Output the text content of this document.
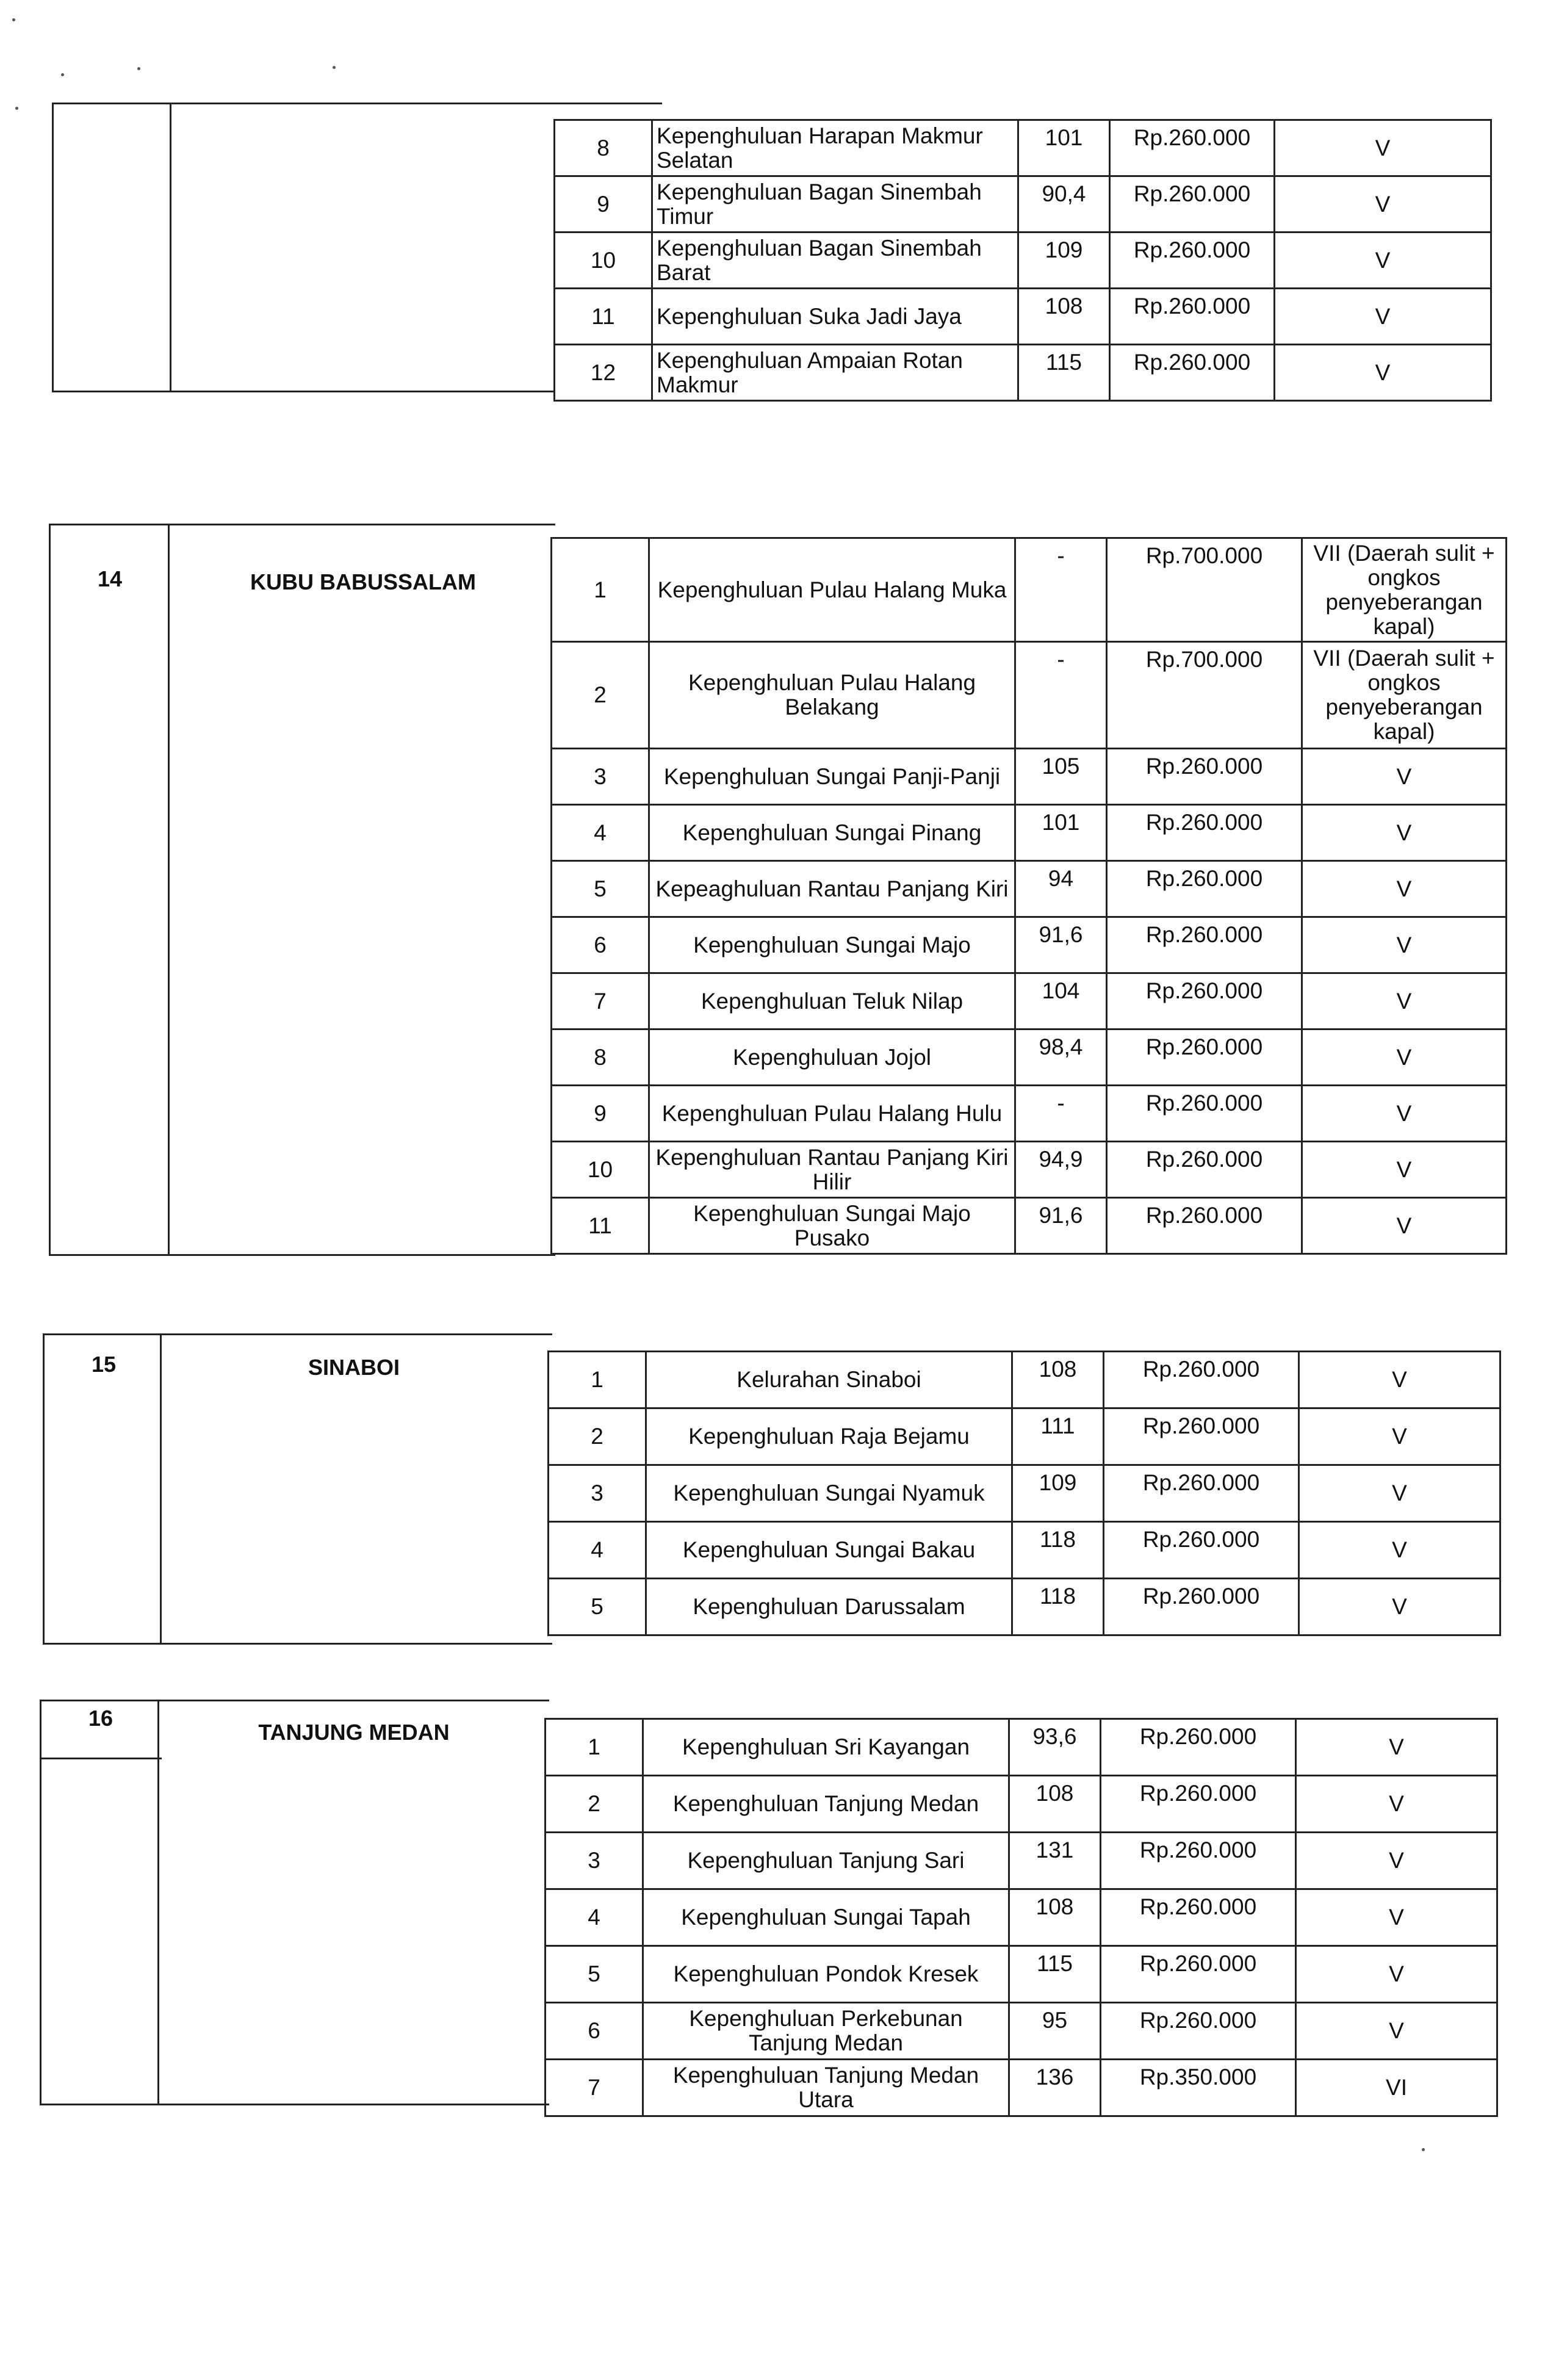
8	Kepenghuluan Harapan Makmur Selatan	101	Rp.260.000	V
9	Kepenghuluan Bagan Sinembah Timur	90,4	Rp.260.000	V
10	Kepenghuluan Bagan Sinembah Barat	109	Rp.260.000	V
11	Kepenghuluan Suka Jadi Jaya	108	Rp.260.000	V
12	Kepenghuluan Ampaian Rotan Makmur	115	Rp.260.000	V
14	KUBU BABUSSALAM	1	Kepenghuluan Pulau Halang Muka	-	Rp.700.000	VII (Daerah sulit + ongkos penyeberangan kapal)
2	Kepenghuluan Pulau Halang Belakang	-	Rp.700.000	VII (Daerah sulit + ongkos penyeberangan kapal)
3	Kepenghuluan Sungai Panji-Panji	105	Rp.260.000	V
4	Kepenghuluan Sungai Pinang	101	Rp.260.000	V
5	Kepeaghuluan Rantau Panjang Kiri	94	Rp.260.000	V
6	Kepenghuluan Sungai Majo	91,6	Rp.260.000	V
7	Kepenghuluan Teluk Nilap	104	Rp.260.000	V
8	Kepenghuluan Jojol	98,4	Rp.260.000	V
9	Kepenghuluan Pulau Halang Hulu	-	Rp.260.000	V
10	Kepenghuluan Rantau Panjang Kiri Hilir	94,9	Rp.260.000	V
11	Kepenghuluan Sungai Majo Pusako	91,6	Rp.260.000	V
15	SINABOI	1	Kelurahan Sinaboi	108	Rp.260.000	V
2	Kepenghuluan Raja Bejamu	111	Rp.260.000	V
3	Kepenghuluan Sungai Nyamuk	109	Rp.260.000	V
4	Kepenghuluan Sungai Bakau	118	Rp.260.000	V
5	Kepenghuluan Darussalam	118	Rp.260.000	V
16
TANJUNG MEDAN
1	Kepenghuluan Sri Kayangan	93,6	Rp.260.000	V
2	Kepenghuluan Tanjung Medan	108	Rp.260.000	V
3	Kepenghuluan Tanjung Sari	131	Rp.260.000	V
4	Kepenghuluan Sungai Tapah	108	Rp.260.000	V
5	Kepenghuluan Pondok Kresek	115	Rp.260.000	V
6	Kepenghuluan Perkebunan Tanjung Medan	95	Rp.260.000	V
7	Kepenghuluan Tanjung Medan Utara	136	Rp.350.000	VI
